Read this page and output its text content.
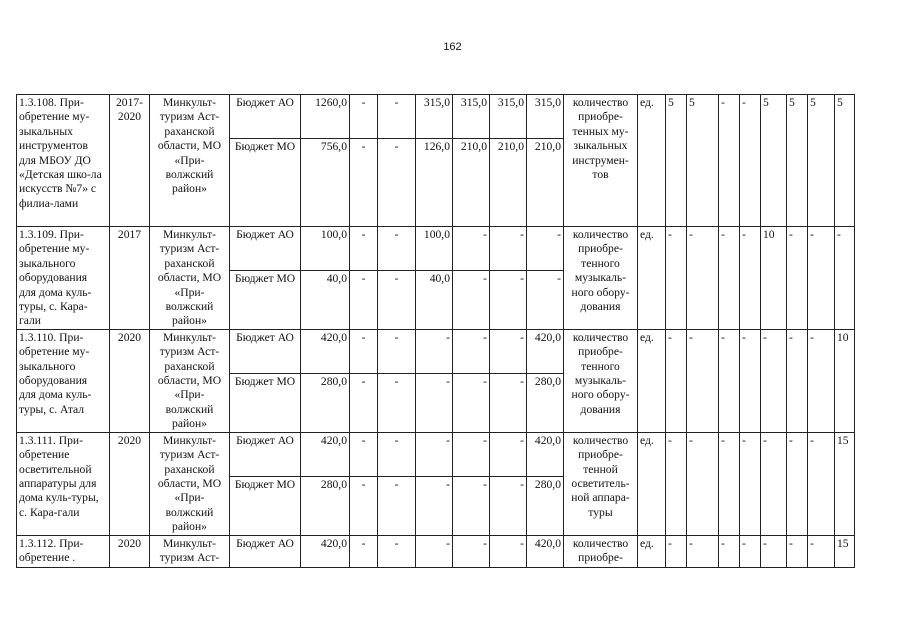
162
1.3.108. При-обретение му-зыкальных инструментов для МБОУ ДО «Детская шко-ла искусств №7» с филиа-лами	2017-2020	Минкульт-туризм Аст-раханской области, МО «При-волжский район»	Бюджет АО	1260,0	-	-	315,0	315,0	315,0	315,0	количество приобре-тенных му-зыкальных инструмен-тов	ед.	5	5	-	-	5	5	5	5
			Бюджет МО	756,0	-	-	126,0	210,0	210,0	210,0										
1.3.109. При-обретение му-зыкального оборудования для дома куль-туры, с. Кара-гали	2017	Минкульт-туризм Аст-раханской области, МО «При-волжский район»	Бюджет АО	100,0	-	-	100,0	-	-	-	количество приобре-тенного музыкаль-ного обору-дования	ед.	-	-	-	-	10	-	-	-
			Бюджет МО	40,0	-	-	40,0	-	-	-										
1.3.110. При-обретение му-зыкального оборудования для дома куль-туры, с. Атал	2020	Минкульт-туризм Аст-раханской области, МО «При-волжский район»	Бюджет АО	420,0	-	-	-	-	-	420,0	количество приобре-тенного музыкаль-ного обору-дования	ед.	-	-	-	-	-	-	-	10
			Бюджет МО	280,0	-	-	-	-	-	280,0										
1.3.111. При-обретение осветительной аппаратуры для дома куль-туры, с. Кара-гали	2020	Минкульт-туризм Аст-раханской области, МО «При-волжский район»	Бюджет АО	420,0	-	-	-	-	-	420,0	количество приобре-тенной осветитель-ной аппара-туры	ед.	-	-	-	-	-	-	-	15
			Бюджет МО	280,0	-	-	-	-	-	280,0										
1.3.112. При-обретение .	2020	Минкульт-туризм Аст-	Бюджет АО	420,0	-	-	-	-	-	420,0	количество приобре-	ед.	-	-	-	-	-	-	-	15
